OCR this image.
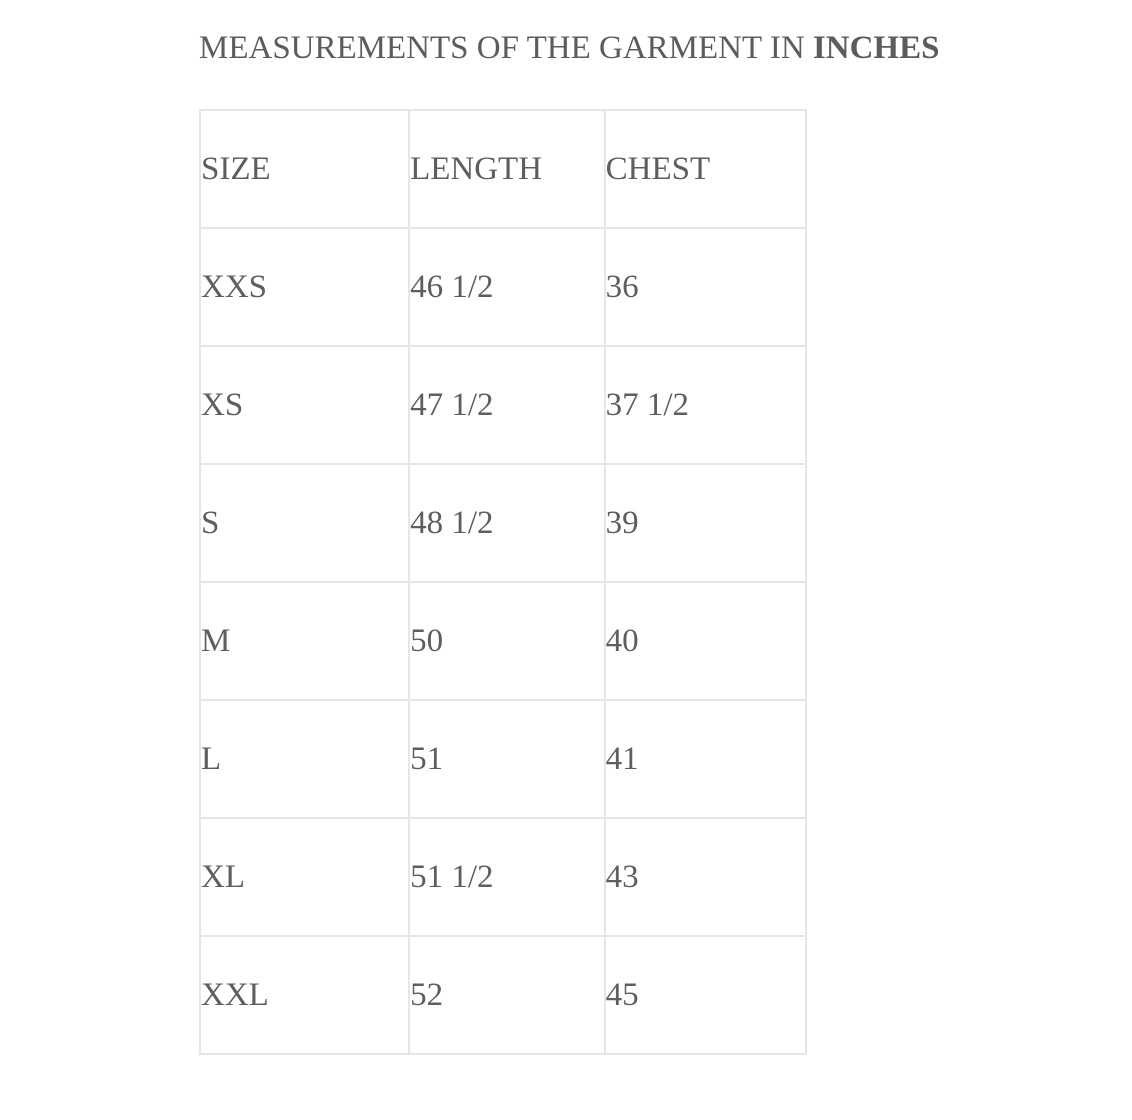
MEASUREMENTS OF THE GARMENT IN INCHES
SIZE	LENGTH	CHEST
XXS	46 1/2	36
XS	47 1/2	37 1/2
S	48 1/2	39
M	50	40
L	51	41
XL	51 1/2	43
XXL	52	45
